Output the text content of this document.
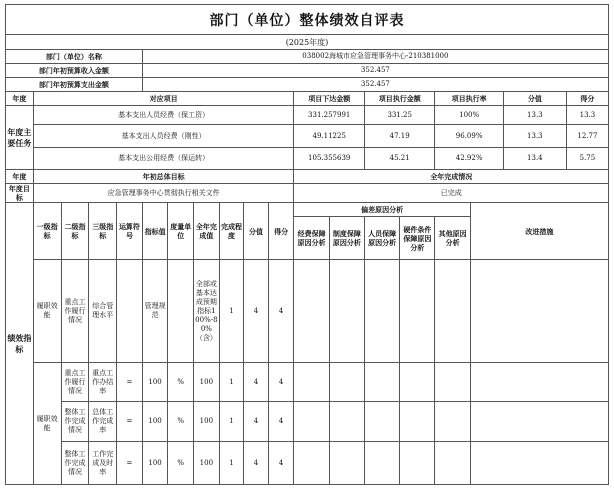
部门（单位）整体绩效自评表
(2025年度)																		
部门（单位）名称					038002海城市应急管理事务中心-210381000													
部门年初预算收入金额					352.457													
部门年初预算支出金额					352.457													
年度	对应项目										项目下达金额		项目执行金额		项目执行率		分值	得分
年度主要任务	基本支出人员经费（保工资）										331.257991		331.25		100%		13.3	13.3
	基本支出人员经费（刚性）										49.11225		47.19		96.09%		13.3	12.77
	基本支出公用经费（保运转）										105.355639		45.21		42.92%		13.4	5.75
年度	年初总体目标										全年完成情况							
年度目标	应急管理事务中心贯彻执行相关文件										已完成							
绩效指标	一级指标	二级指标	三级指标	运算符号	指标值	度量单位	全年完成值	完成程度	分值	得分	偏差原因分析					改进措施		
											经费保障原因分析	制度保障原因分析	人员保障原因分析	硬件条件保障原因分析	其他原因分析			
	履职效能	重点工作履行情况	综合管理水平		管理规范		全部或基本达成预期指标100%-80%（含）	1	4	4								
	履职效能	重点工作履行情况	重点工作办结率	=	100	%	100	1	4	4								
		整体工作完成情况	总体工作完成率	=	100	%	100	1	4	4								
		整体工作完成情况	工作完成及时率	=	100	%	100	1	4	4								
